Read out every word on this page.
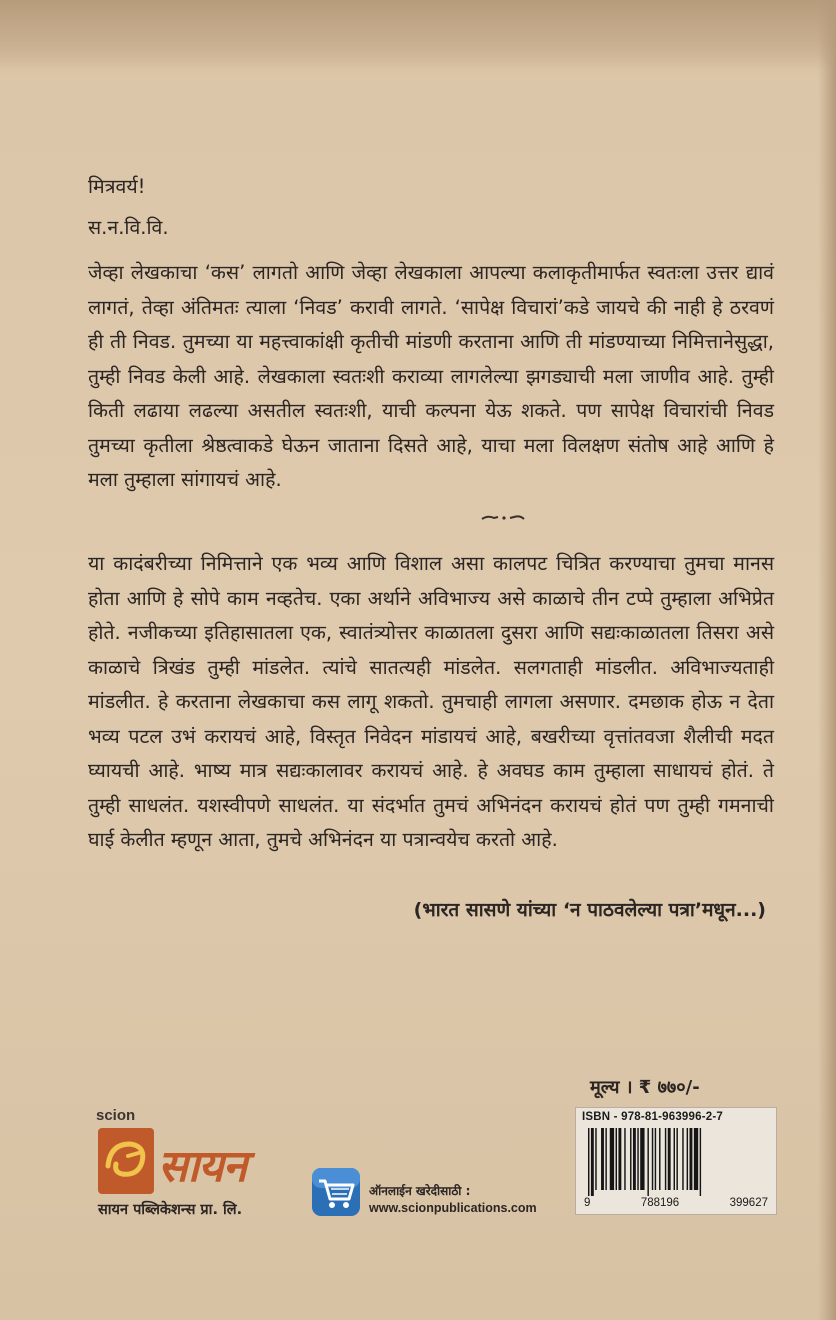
मित्रवर्य!
स.न.वि.वि.
जेव्हा लेखकाचा ‘कस’ लागतो आणि जेव्हा लेखकाला आपल्या कलाकृतीमार्फत स्वतःला उत्तर द्यावं लागतं, तेव्हा अंतिमतः त्याला ‘निवड’ करावी लागते. ‘सापेक्ष विचारां’कडे जायचे की नाही हे ठरवणं ही ती निवड. तुमच्या या महत्त्वाकांक्षी कृतीची मांडणी करताना आणि ती मांडण्याच्या निमित्तानेसुद्धा, तुम्ही निवड केली आहे. लेखकाला स्वतःशी कराव्या लागलेल्या झगड्याची मला जाणीव आहे. तुम्ही किती लढाया लढल्या असतील स्वतःशी, याची कल्पना येऊ शकते. पण सापेक्ष विचारांची निवड तुमच्या कृतीला श्रेष्ठत्वाकडे घेऊन जाताना दिसते आहे, याचा मला विलक्षण संतोष आहे आणि हे मला तुम्हाला सांगायचं आहे.
या कादंबरीच्या निमित्ताने एक भव्य आणि विशाल असा कालपट चित्रित करण्याचा तुमचा मानस होता आणि हे सोपे काम नव्हतेच. एका अर्थाने अविभाज्य असे काळाचे तीन टप्पे तुम्हाला अभिप्रेत होते. नजीकच्या इतिहासातला एक, स्वातंत्र्योत्तर काळातला दुसरा आणि सद्यःकाळातला तिसरा असे काळाचे त्रिखंड तुम्ही मांडलेत. त्यांचे सातत्यही मांडलेत. सलगताही मांडलीत. अविभाज्यताही मांडलीत. हे करताना लेखकाचा कस लागू शकतो. तुमचाही लागला असणार. दमछाक होऊ न देता भव्य पटल उभं करायचं आहे, विस्तृत निवेदन मांडायचं आहे, बखरीच्या वृत्तांतवजा शैलीची मदत घ्यायची आहे. भाष्य मात्र सद्यःकालावर करायचं आहे. हे अवघड काम तुम्हाला साधायचं होतं. ते तुम्ही साधलंत. यशस्वीपणे साधलंत. या संदर्भात तुमचं अभिनंदन करायचं होतं पण तुम्ही गमनाची घाई केलीत म्हणून आता, तुमचे अभिनंदन या पत्रान्वयेच करतो आहे.
(भारत सासणे यांच्या ‘न पाठवलेल्या पत्रा’मधून...)
मूल्य । ₹ ७७०/-
ISBN - 978-81-963996-2-7
9	788196	399627
scion
सायन
सायन पब्लिकेशन्स प्रा. लि.
ऑनलाईन खरेदीसाठी :
www.scionpublications.com
